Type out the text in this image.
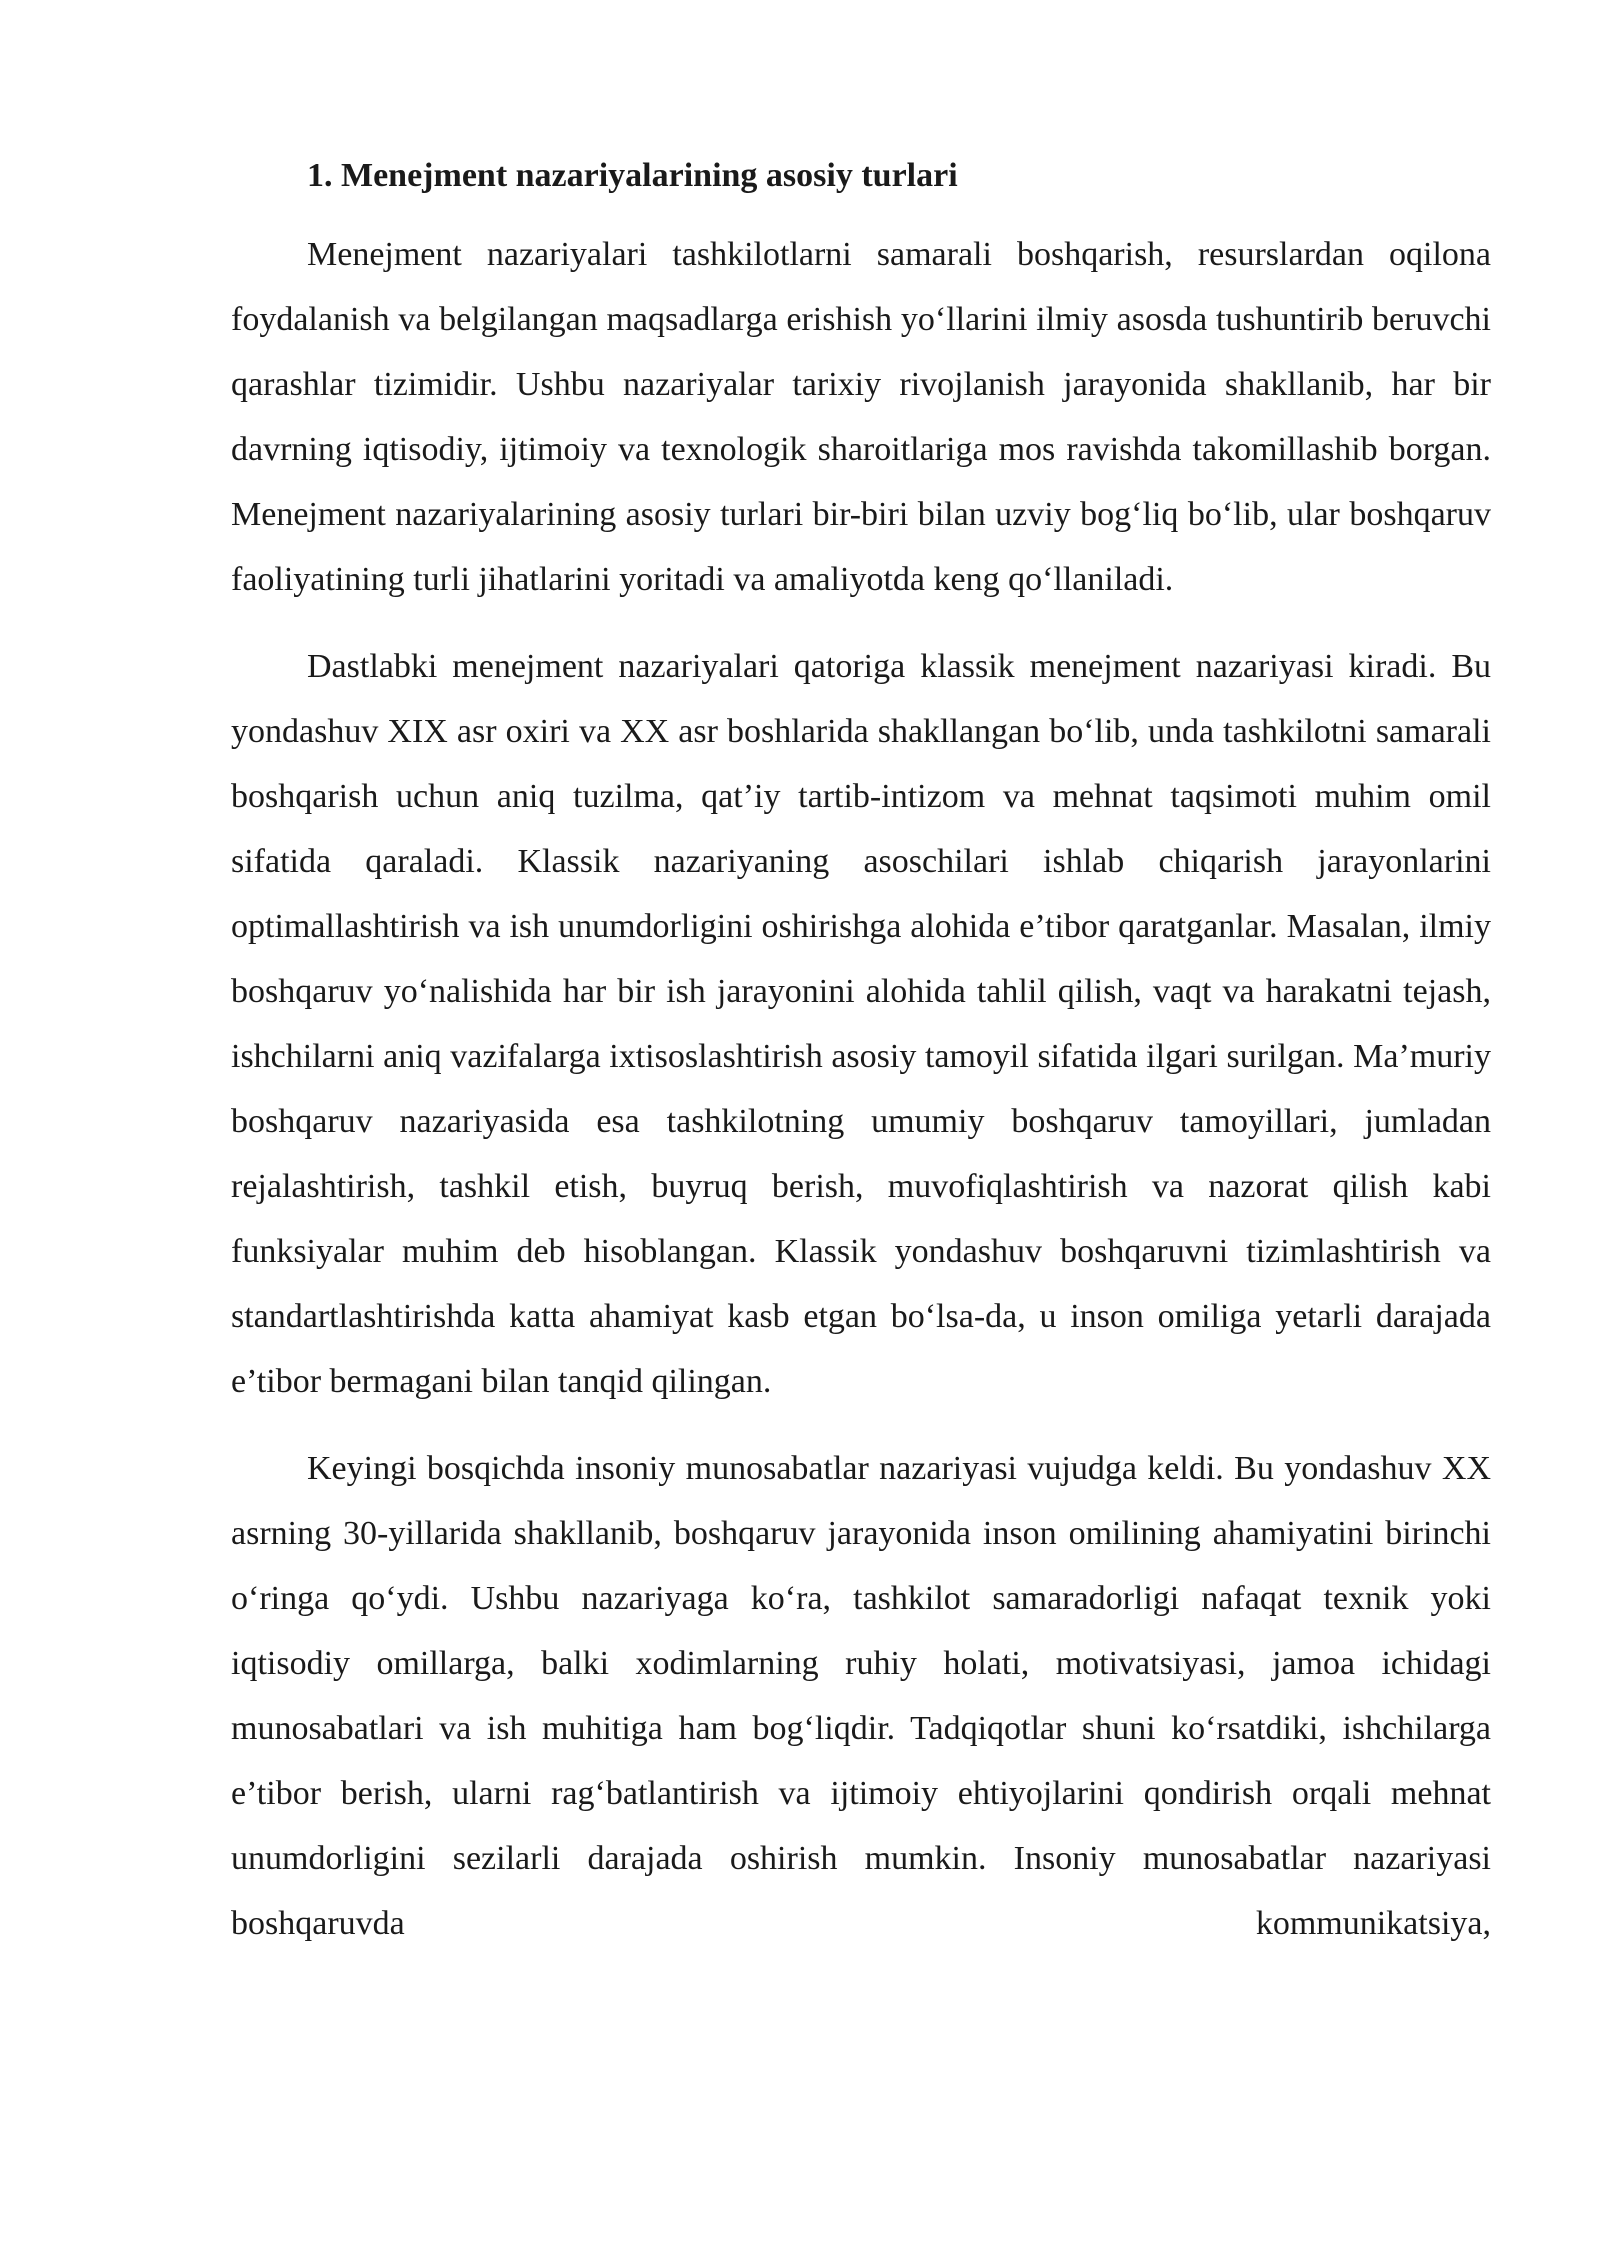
1. Menejment nazariyalarining asosiy turlari

Menejment nazariyalari tashkilotlarni samarali boshqarish, resurslardan oqilona foydalanish va belgilangan maqsadlarga erishish yo‘llarini ilmiy asosda tushuntirib beruvchi qarashlar tizimidir. Ushbu nazariyalar tarixiy rivojlanish jarayonida shakllanib, har bir davrning iqtisodiy, ijtimoiy va texnologik sharoitlariga mos ravishda takomillashib borgan. Menejment nazariyalarining asosiy turlari bir-biri bilan uzviy bog‘liq bo‘lib, ular boshqaruv faoliyatining turli jihatlarini yoritadi va amaliyotda keng qo‘llaniladi.

Dastlabki menejment nazariyalari qatoriga klassik menejment nazariyasi kiradi. Bu yondashuv XIX asr oxiri va XX asr boshlarida shakllangan bo‘lib, unda tashkilotni samarali boshqarish uchun aniq tuzilma, qat’iy tartib-intizom va mehnat taqsimoti muhim omil sifatida qaraladi. Klassik nazariyaning asoschilari ishlab chiqarish jarayonlarini optimallashtirish va ish unumdorligini oshirishga alohida e’tibor qaratganlar. Masalan, ilmiy boshqaruv yo‘nalishida har bir ish jarayonini alohida tahlil qilish, vaqt va harakatni tejash, ishchilarni aniq vazifalarga ixtisoslashtirish asosiy tamoyil sifatida ilgari surilgan. Ma’muriy boshqaruv nazariyasida esa tashkilotning umumiy boshqaruv tamoyillari, jumladan rejalashtirish, tashkil etish, buyruq berish, muvofiqlashtirish va nazorat qilish kabi funksiyalar muhim deb hisoblangan. Klassik yondashuv boshqaruvni tizimlashtirish va standartlashtirishda katta ahamiyat kasb etgan bo‘lsa-da, u inson omiliga yetarli darajada e’tibor bermagani bilan tanqid qilingan.

Keyingi bosqichda insoniy munosabatlar nazariyasi vujudga keldi. Bu yondashuv XX asrning 30-yillarida shakllanib, boshqaruv jarayonida inson omilining ahamiyatini birinchi o‘ringa qo‘ydi. Ushbu nazariyaga ko‘ra, tashkilot samaradorligi nafaqat texnik yoki iqtisodiy omillarga, balki xodimlarning ruhiy holati, motivatsiyasi, jamoa ichidagi munosabatlari va ish muhitiga ham bog‘liqdir. Tadqiqotlar shuni ko‘rsatdiki, ishchilarga e’tibor berish, ularni rag‘batlantirish va ijtimoiy ehtiyojlarini qondirish orqali mehnat unumdorligini sezilarli darajada oshirish mumkin. Insoniy munosabatlar nazariyasi boshqaruvda kommunikatsiya,
